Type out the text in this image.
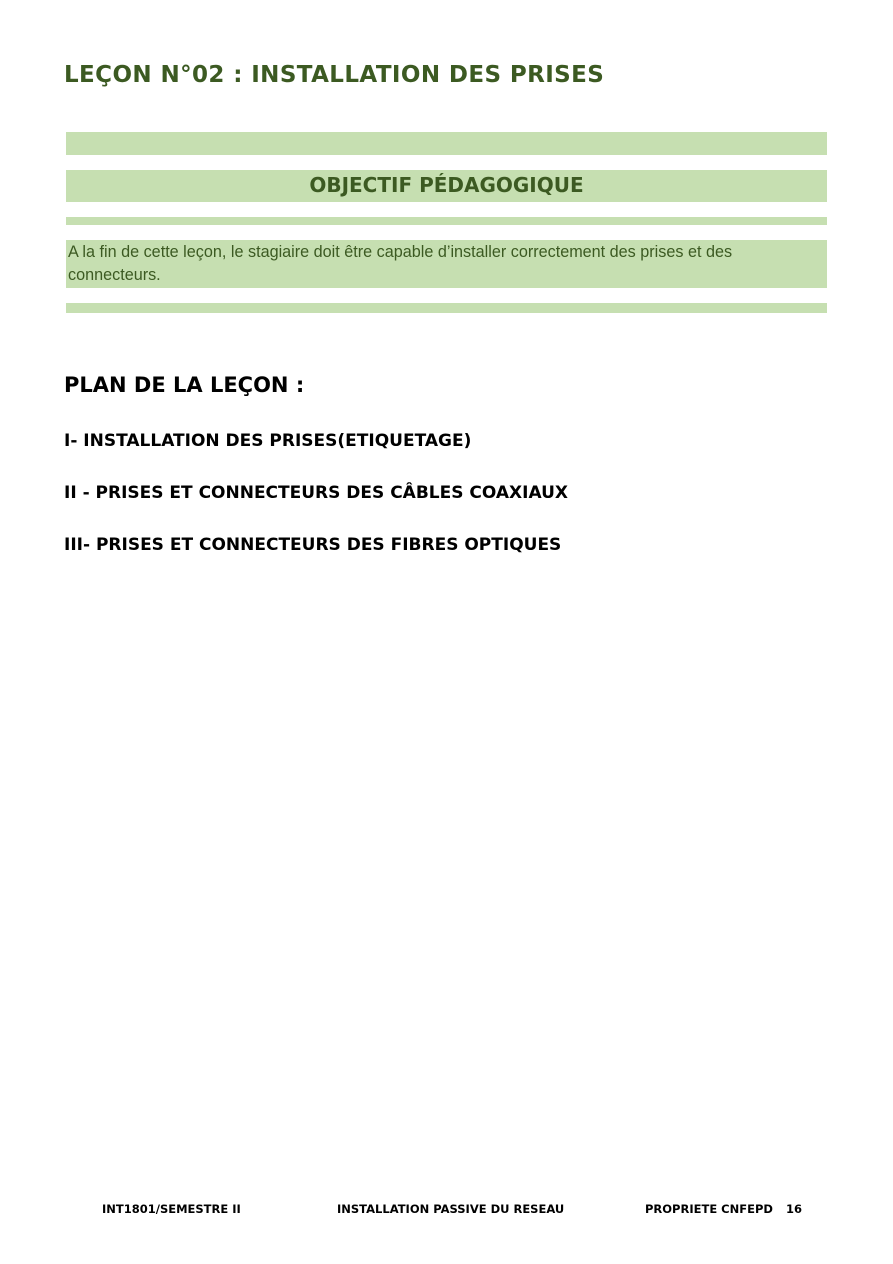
LEÇON N°02 : INSTALLATION DES PRISES
OBJECTIF PÉDAGOGIQUE

A la fin de cette leçon, le stagiaire doit être capable d’installer correctement des prises et des connecteurs.

PLAN DE LA LEÇON :

I- INSTALLATION DES PRISES(ETIQUETAGE)

II - PRISES ET CONNECTEURS DES CÂBLES COAXIAUX

III- PRISES ET CONNECTEURS DES FIBRES OPTIQUES

INT1801/SEMESTRE II	INSTALLATION PASSIVE DU RESEAU	PROPRIETE CNFEPD 16
